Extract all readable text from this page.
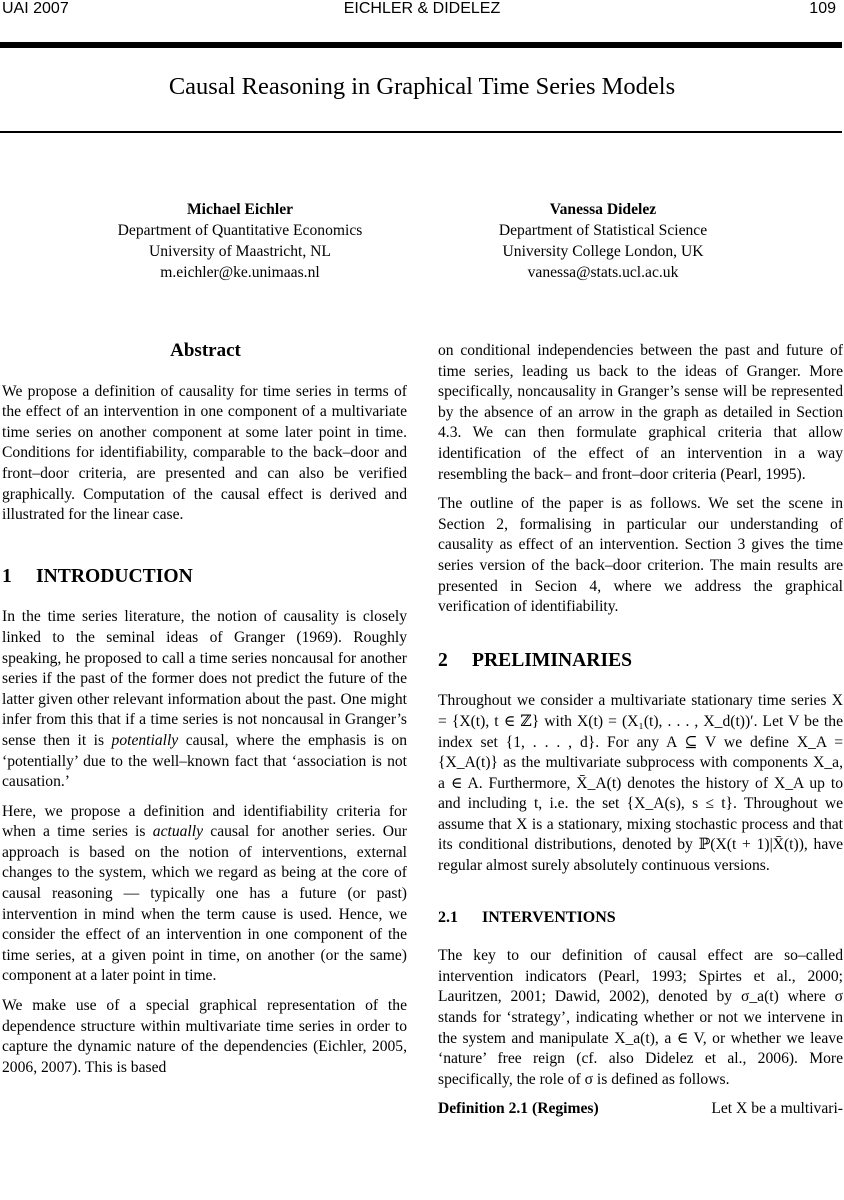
UAI 2007	EICHLER & DIDELEZ	109
Causal Reasoning in Graphical Time Series Models
Michael Eichler
Department of Quantitative Economics
University of Maastricht, NL
m.eichler@ke.unimaas.nl
Vanessa Didelez
Department of Statistical Science
University College London, UK
vanessa@stats.ucl.ac.uk
Abstract

We propose a definition of causality for time series in terms of the effect of an intervention in one component of a multivariate time series on another component at some later point in time. Conditions for identifiability, comparable to the back–door and front–door criteria, are presented and can also be verified graphically. Computation of the causal effect is derived and illustrated for the linear case.

1	INTRODUCTION

In the time series literature, the notion of causality is closely linked to the seminal ideas of Granger (1969). Roughly speaking, he proposed to call a time series noncausal for another series if the past of the former does not predict the future of the latter given other relevant information about the past. One might infer from this that if a time series is not noncausal in Granger’s sense then it is potentially causal, where the emphasis is on ‘potentially’ due to the well–known fact that ‘association is not causation.’

Here, we propose a definition and identifiability criteria for when a time series is actually causal for another series. Our approach is based on the notion of interventions, external changes to the system, which we regard as being at the core of causal reasoning — typically one has a future (or past) intervention in mind when the term cause is used. Hence, we consider the effect of an intervention in one component of the time series, at a given point in time, on another (or the same) component at a later point in time.

We make use of a special graphical representation of the dependence structure within multivariate time series in order to capture the dynamic nature of the dependencies (Eichler, 2005, 2006, 2007). This is based

on conditional independencies between the past and future of time series, leading us back to the ideas of Granger. More specifically, noncausality in Granger’s sense will be represented by the absence of an arrow in the graph as detailed in Section 4.3. We can then formulate graphical criteria that allow identification of the effect of an intervention in a way resembling the back– and front–door criteria (Pearl, 1995).

The outline of the paper is as follows. We set the scene in Section 2, formalising in particular our understanding of causality as effect of an intervention. Section 3 gives the time series version of the back–door criterion. The main results are presented in Secion 4, where we address the graphical verification of identifiability.

2	PRELIMINARIES

Throughout we consider a multivariate stationary time series X = {X(t), t ∈ ℤ} with X(t) = (X₁(t), . . . , X_d(t))′. Let V be the index set {1, . . . , d}. For any A ⊆ V we define X_A = {X_A(t)} as the multivariate subprocess with components X_a, a ∈ A. Furthermore, X̄_A(t) denotes the history of X_A up to and including t, i.e. the set {X_A(s), s ≤ t}. Throughout we assume that X is a stationary, mixing stochastic process and that its conditional distributions, denoted by ℙ(X(t + 1)|X̄(t)), have regular almost surely absolutely continuous versions.

2.1	INTERVENTIONS

The key to our definition of causal effect are so–called intervention indicators (Pearl, 1993; Spirtes et al., 2000; Lauritzen, 2001; Dawid, 2002), denoted by σ_a(t) where σ stands for ‘strategy’, indicating whether or not we intervene in the system and manipulate X_a(t), a ∈ V, or whether we leave ‘nature’ free reign (cf. also Didelez et al., 2006). More specifically, the role of σ is defined as follows.

Definition 2.1 (Regimes)	Let X be a multivari-
